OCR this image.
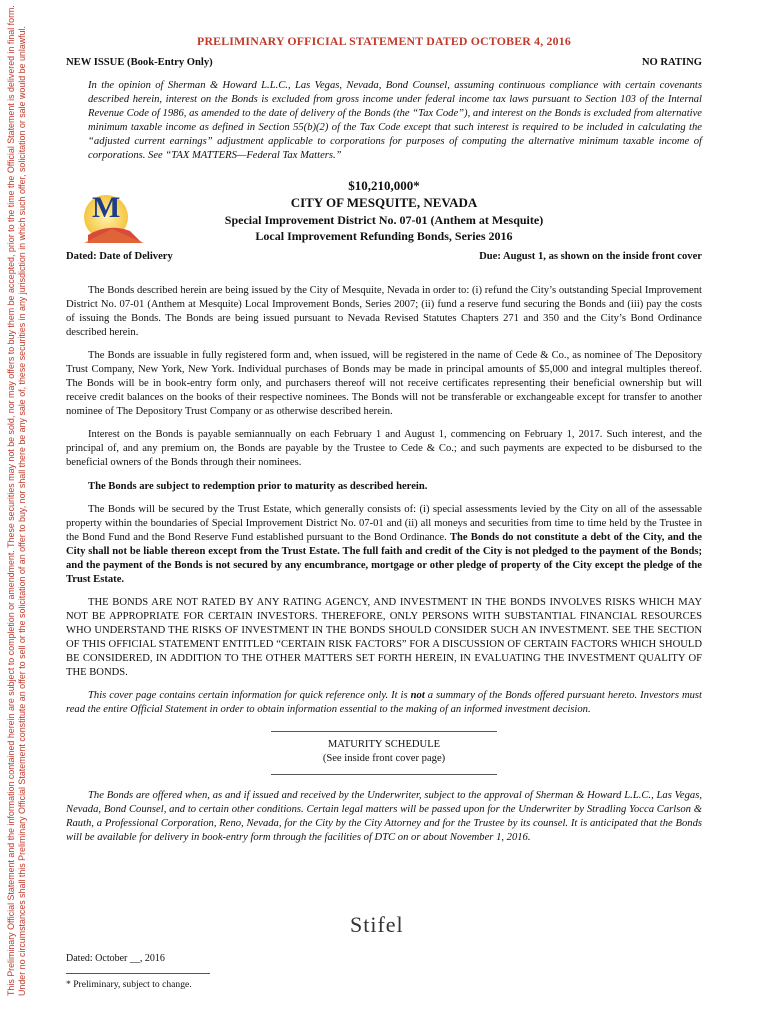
This Preliminary Official Statement and the information contained herein are subject to completion or amendment. These securities may not be sold, nor may offers to buy them be accepted, prior to the time the Official Statement is delivered in final form. Under no circumstances shall this Preliminary Official Statement constitute an offer to sell or the solicitation of an offer to buy, nor shall there be any sale of, these securities in any jurisdiction in which such offer, solicitation or sale would be unlawful.	PRELIMINARY OFFICIAL STATEMENT DATED OCTOBER 4, 2016
NEW ISSUE (Book-Entry Only)	NO RATING
In the opinion of Sherman & Howard L.L.C., Las Vegas, Nevada, Bond Counsel, assuming continuous compliance with certain covenants described herein, interest on the Bonds is excluded from gross income under federal income tax laws pursuant to Section 103 of the Internal Revenue Code of 1986, as amended to the date of delivery of the Bonds (the “Tax Code”), and interest on the Bonds is excluded from alternative minimum taxable income as defined in Section 55(b)(2) of the Tax Code except that such interest is required to be included in calculating the “adjusted current earnings” adjustment applicable to corporations for purposes of computing the alternative minimum taxable income of corporations. See “TAX MATTERS—Federal Tax Matters.”
M
$10,210,000*
CITY OF MESQUITE, NEVADA
Special Improvement District No. 07-01 (Anthem at Mesquite)
Local Improvement Refunding Bonds, Series 2016
Dated: Date of Delivery	Due: August 1, as shown on the inside front cover
The Bonds described herein are being issued by the City of Mesquite, Nevada in order to: (i) refund the City’s outstanding Special Improvement District No. 07-01 (Anthem at Mesquite) Local Improvement Bonds, Series 2007; (ii) fund a reserve fund securing the Bonds and (iii) pay the costs of issuing the Bonds. The Bonds are being issued pursuant to Nevada Revised Statutes Chapters 271 and 350 and the City’s Bond Ordinance described herein.
The Bonds are issuable in fully registered form and, when issued, will be registered in the name of Cede & Co., as nominee of The Depository Trust Company, New York, New York. Individual purchases of Bonds may be made in principal amounts of $5,000 and integral multiples thereof. The Bonds will be in book-entry form only, and purchasers thereof will not receive certificates representing their beneficial ownership but will receive credit balances on the books of their respective nominees. The Bonds will not be transferable or exchangeable except for transfer to another nominee of The Depository Trust Company or as otherwise described herein.
Interest on the Bonds is payable semiannually on each February 1 and August 1, commencing on February 1, 2017. Such interest, and the principal of, and any premium on, the Bonds are payable by the Trustee to Cede & Co.; and such payments are expected to be disbursed to the beneficial owners of the Bonds through their nominees.
The Bonds are subject to redemption prior to maturity as described herein.
The Bonds will be secured by the Trust Estate, which generally consists of: (i) special assessments levied by the City on all of the assessable property within the boundaries of Special Improvement District No. 07-01 and (ii) all moneys and securities from time to time held by the Trustee in the Bond Fund and the Bond Reserve Fund established pursuant to the Bond Ordinance. The Bonds do not constitute a debt of the City, and the City shall not be liable thereon except from the Trust Estate. The full faith and credit of the City is not pledged to the payment of the Bonds; and the payment of the Bonds is not secured by any encumbrance, mortgage or other pledge of property of the City except the pledge of the Trust Estate.
THE BONDS ARE NOT RATED BY ANY RATING AGENCY, AND INVESTMENT IN THE BONDS INVOLVES RISKS WHICH MAY NOT BE APPROPRIATE FOR CERTAIN INVESTORS. THEREFORE, ONLY PERSONS WITH SUBSTANTIAL FINANCIAL RESOURCES WHO UNDERSTAND THE RISKS OF INVESTMENT IN THE BONDS SHOULD CONSIDER SUCH AN INVESTMENT. SEE THE SECTION OF THIS OFFICIAL STATEMENT ENTITLED “CERTAIN RISK FACTORS” FOR A DISCUSSION OF CERTAIN FACTORS WHICH SHOULD BE CONSIDERED, IN ADDITION TO THE OTHER MATTERS SET FORTH HEREIN, IN EVALUATING THE INVESTMENT QUALITY OF THE BONDS.
This cover page contains certain information for quick reference only. It is not a summary of the Bonds offered pursuant hereto. Investors must read the entire Official Statement in order to obtain information essential to the making of an informed investment decision.
MATURITY SCHEDULE
(See inside front cover page)
The Bonds are offered when, as and if issued and received by the Underwriter, subject to the approval of Sherman & Howard L.L.C., Las Vegas, Nevada, Bond Counsel, and to certain other conditions. Certain legal matters will be passed upon for the Underwriter by Stradling Yocca Carlson & Rauth, a Professional Corporation, Reno, Nevada, for the City by the City Attorney and for the Trustee by its counsel. It is anticipated that the Bonds will be available for delivery in book-entry form through the facilities of DTC on or about November 1, 2016.
Stifel
Dated: October __, 2016
* Preliminary, subject to change.
